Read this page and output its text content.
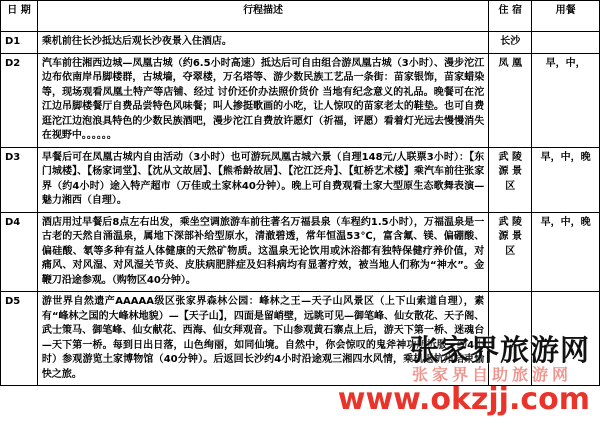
日 期	行程描述	住 宿	用餐
D1	乘机前往长沙抵达后观长沙夜景入住酒店。	长沙	
D2	汽车前往湘西边城—凤凰古城（约6.5小时高速）抵达后可自由组合游凤凰古城（3小时）、漫步沱江边布依南岸吊脚楼群，古城墙，夺翠楼，万名塔等、游少数民族工艺品一条街：苗家银饰，苗家蜡染等，现场观看凤凰土特产等店铺、经过 讨价还价办法照价货价 当地有纪念意义的礼品。晚餐可在沱江边吊脚楼餐厅自费品尝特色风味餐；叫人掺挺歌画的小吃，让人惊叹的苗家老太的鞋垫。也可自费逛沱江边泡浪具特色的少数民族酒吧，漫步沱江自费放许愿灯（祈福，评愿）看着灯光远去慢慢消失在视野中。。。。。。	凤 凰	早，中，
D3	早餐后可在凤凰古城内自由活动（3小时）也可游玩凤凰古城六景（自理148元/人联票3小时）：【东门城楼】、【杨家词堂】、【沈从文故居】、【熊希龄故居】、【沱江泛舟】、【虹桥艺术楼】乘汽车前往张家界（约4小时）途入特产超市（万佳或土家林40分钟）。晚上可自费观看土家大型原生态歌舞表演—魅力湘西（自理）。	武 陵 源 景 区	早，中，晚
D4	酒店用过早餐后8点左右出发，乘坐空调旅游车前往著名万福县泉（车程约1.5小时），万福温泉是一古老的天然自涌温泉，属地下深部补给型原水，清澈碧透，常年恒温53℃，富含氟、镁、偏硼酸、偏硅酸、氡等多种有益人体健康的天然矿物质。这温泉无论饮用或沐浴都有独特保健疗养价值，对 痛风、对风湿、对风湿关节炎、皮肤病肥胖症及妇科病均有显著疗效，被当地人们称为“神水”。金鞭刀沿途参观。（购物区40分钟）。	武 陵 源 景 区	早，中，晚
D5	游世界自然遗产AAAAA级区张家界森林公园：峰林之王—天子山风景区（上下山索道自理），素有“峰林之国的大峰林地貌）—【天子山】，四面是留峭壁，远眺可见—御笔峰、仙女散花、天子阁、武士策马、御笔峰、仙女献花、西海、仙女拜观音。下山参观黄石寨点上后，游天下第一桥、迷魂台—天下第一桥。每到日出日落，山色绚丽，如同仙境。自然中，你会惊叹的鬼斧神功所折服，约4小时）参观游览土家博物馆（40分钟）。后返回长沙约4小时沿途观三湘四水风情，乘机返杭州结束愉快之旅。		
张家界旅游网
张家界自助旅游网
www.okzjj.com
